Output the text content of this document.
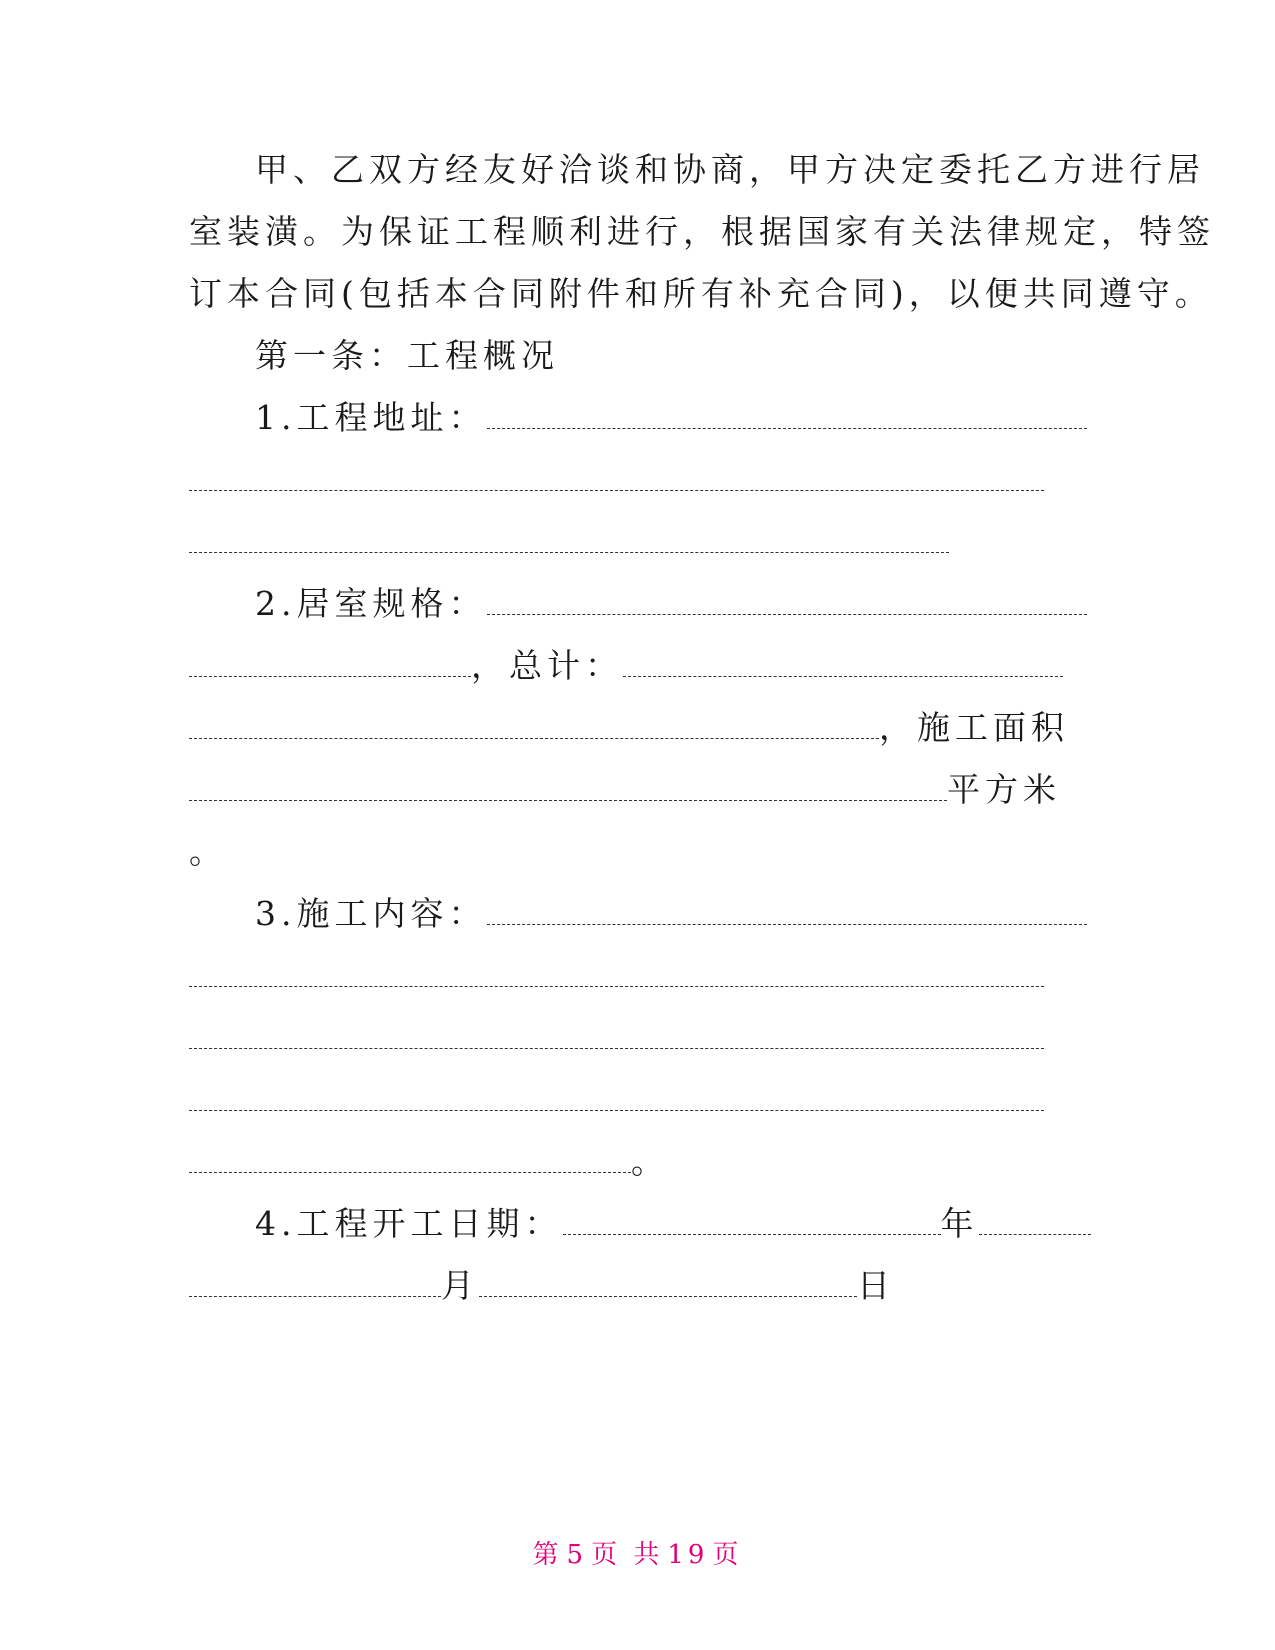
甲、乙双方经友好洽谈和协商，甲方决定委托乙方进行居
室装潢。为保证工程顺利进行，根据国家有关法律规定，特签
订本合同(包括本合同附件和所有补充合同)，以便共同遵守。
第一条：工程概况
1.工程地址：
2.居室规格：
，总计：
，施工面积
平方米
。
3.施工内容：
。
4.工程开工日期：	年
月	日
第 5 页 共 19 页
